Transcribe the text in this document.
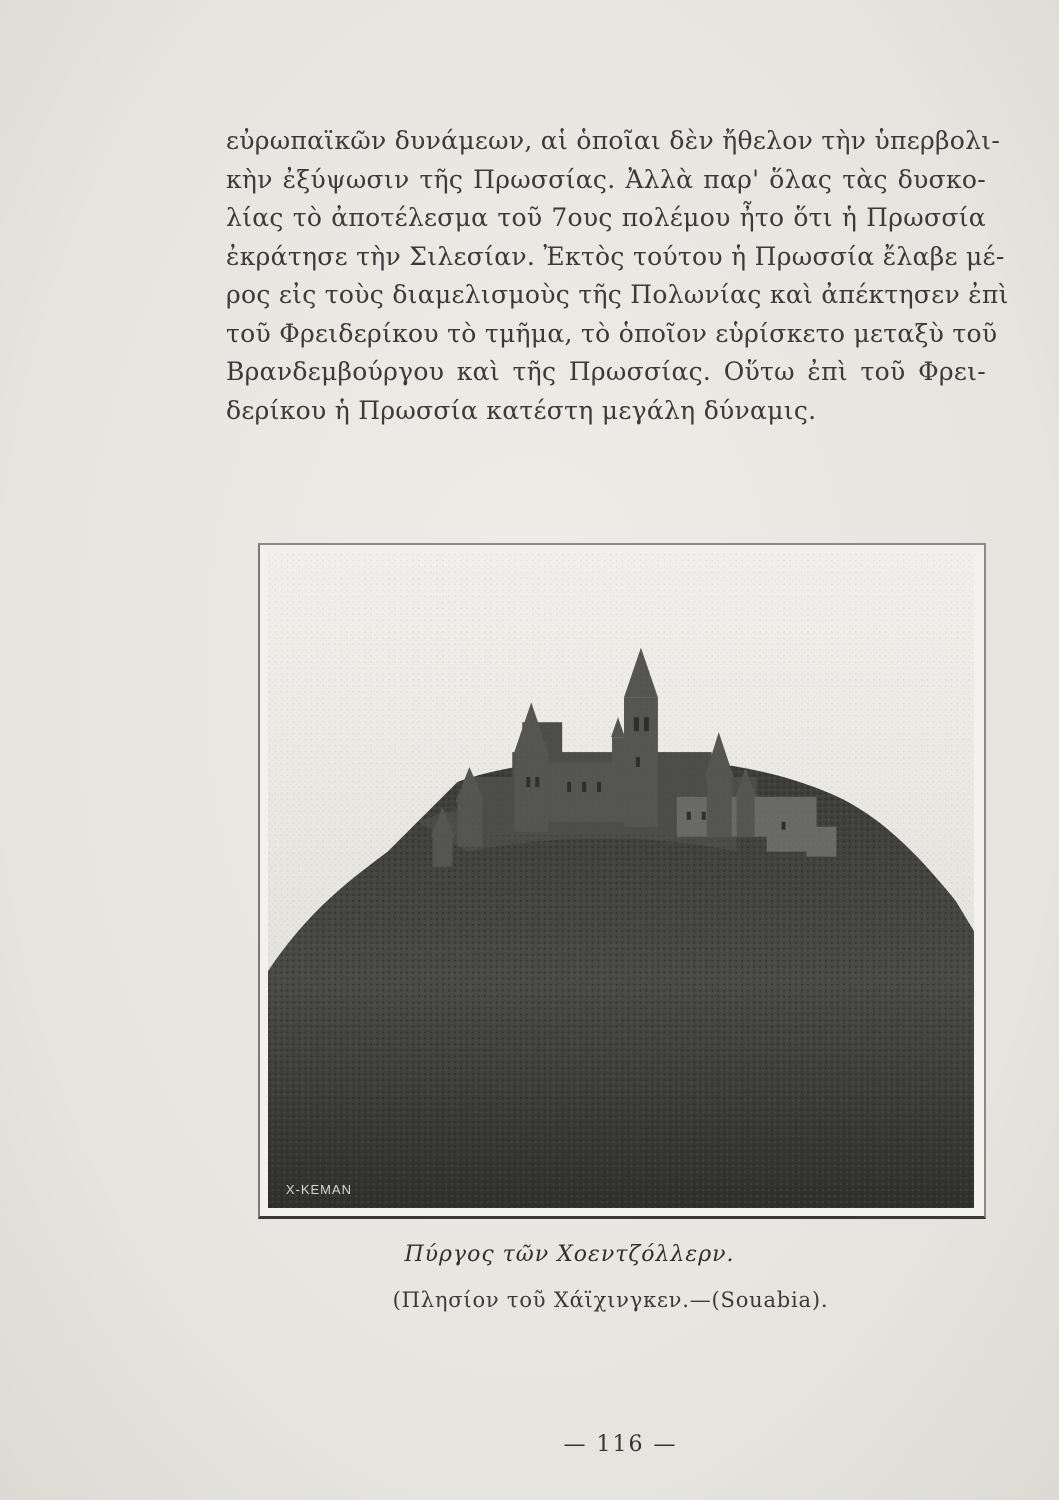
εὐρωπαϊκῶν δυνάμεων, αἱ ὁποῖαι δὲν ἤθελον τὴν ὑπερβολι-
κὴν ἐξύψωσιν τῆς Πρωσσίας. Ἀλλὰ παρ' ὅλας τὰς δυσκο-
λίας τὸ ἀποτέλεσμα τοῦ 7ους πολέμου ἦτο ὅτι ἡ Πρωσσία
ἐκράτησε τὴν Σιλεσίαν. Ἐκτὸς τούτου ἡ Πρωσσία ἔλαβε μέ-
ρος εἰς τοὺς διαμελισμοὺς τῆς Πολωνίας καὶ ἀπέκτησεν ἐπὶ
τοῦ Φρειδερίκου τὸ τμῆμα, τὸ ὁποῖον εὑρίσκετο μεταξὺ τοῦ
Βρανδεμβούργου καὶ τῆς Πρωσσίας. Οὕτω ἐπὶ τοῦ Φρει-
δερίκου ἡ Πρωσσία κατέστη μεγάλη δύναμις.
X-KEMAN
Πύργος τῶν Χοεντζόλλερν.
(Πλησίον τοῦ Χάϊχινγκεν.—(Souabia).
— 116 —
